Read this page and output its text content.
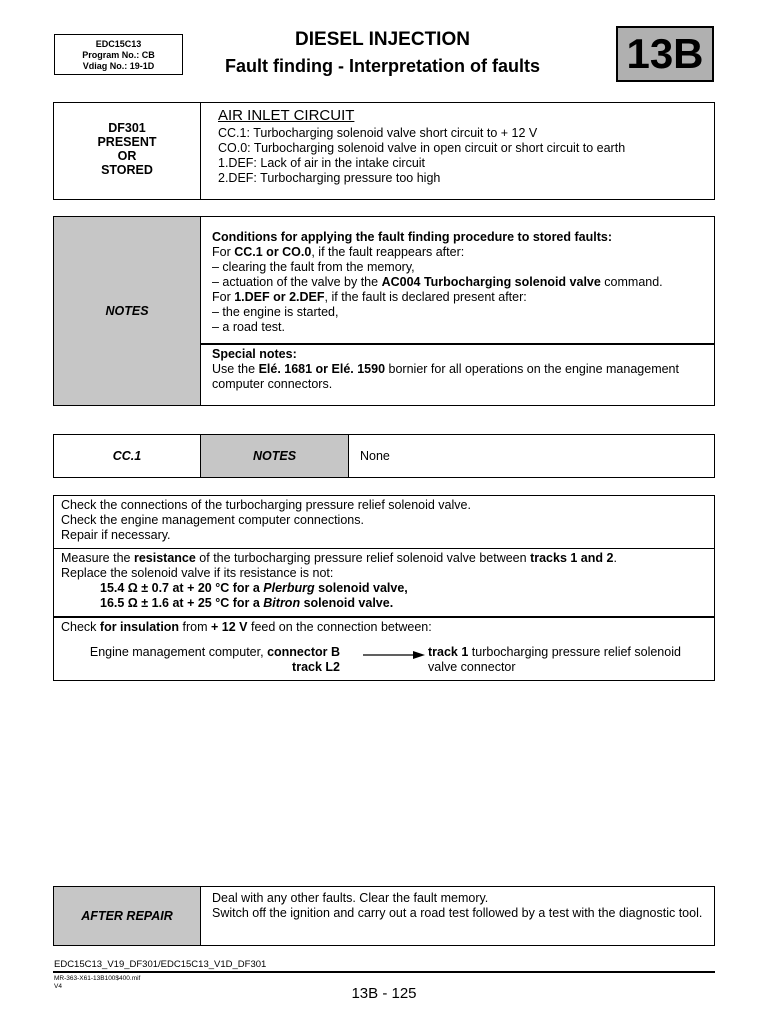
EDC15C13
Program No.: CB
Vdiag No.: 19-1D
DIESEL INJECTION
Fault finding - Interpretation of faults	13B
DF301
PRESENT
OR
STORED
AIR INLET CIRCUIT
CC.1: Turbocharging solenoid valve short circuit to + 12 V
CO.0: Turbocharging solenoid valve in open circuit or short circuit to earth
1.DEF: Lack of air in the intake circuit
2.DEF: Turbocharging pressure too high
NOTES
Conditions for applying the fault finding procedure to stored faults:
For CC.1 or CO.0, if the fault reappears after:
– clearing the fault from the memory,
– actuation of the valve by the AC004 Turbocharging solenoid valve command.
For 1.DEF or 2.DEF, if the fault is declared present after:
– the engine is started,
– a road test.
Special notes:
Use the Elé. 1681 or Elé. 1590 bornier for all operations on the engine management computer connectors.
CC.1	NOTES	None
Check the connections of the turbocharging pressure relief solenoid valve.
Check the engine management computer connections.
Repair if necessary.
Measure the resistance of the turbocharging pressure relief solenoid valve between tracks 1 and 2.
Replace the solenoid valve if its resistance is not:
15.4 Ω ± 0.7 at + 20 °C for a Plerburg solenoid valve,
16.5 Ω ± 1.6 at + 25 °C for a Bitron solenoid valve.
Check for insulation from + 12 V feed on the connection between:
Engine management computer, connector B
track L2
track 1 turbocharging pressure relief solenoid valve connector
AFTER REPAIR
Deal with any other faults. Clear the fault memory.
Switch off the ignition and carry out a road test followed by a test with the diagnostic tool.
EDC15C13_V19_DF301/EDC15C13_V1D_DF301
MR-363-X61-13B100$400.mif
V4	13B - 125
